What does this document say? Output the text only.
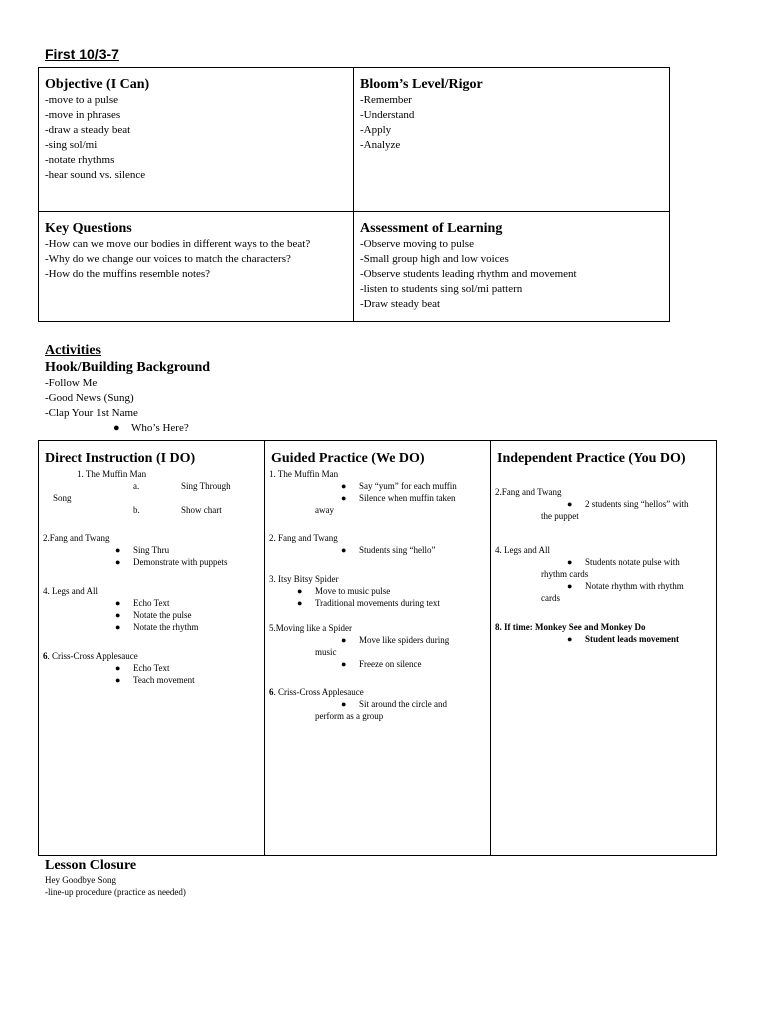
First 10/3-7
Objective (I Can)
-move to a pulse
-move in phrases
-draw a steady beat
-sing sol/mi
-notate rhythms
-hear sound vs. silence
Bloom’s Level/Rigor
-Remember
-Understand
-Apply
-Analyze
Key Questions
-How can we move our bodies in different ways to the beat?
-Why do we change our voices to match the characters?
-How do the muffins resemble notes?
Assessment of Learning
-Observe moving to pulse
-Small group high and low voices
-Observe students leading rhythm and movement
-listen to students sing sol/mi pattern
-Draw steady beat
Activities
Hook/Building Background
-Follow Me
-Good News (Sung)
-Clap Your 1st Name
● Who’s Here?
Direct Instruction (I DO)
1. The Muffin Man
a.	Sing Through
Song
b.	Show chart
2.Fang and Twang
● Sing Thru
● Demonstrate with puppets
4. Legs and All
● Echo Text
● Notate the pulse
● Notate the rhythm
6. Criss-Cross Applesauce
● Echo Text
● Teach movement
Guided Practice (We DO)
1. The Muffin Man
● Say “yum” for each muffin
● Silence when muffin taken
away
2. Fang and Twang
● Students sing “hello”
3. Itsy Bitsy Spider
● Move to music pulse
● Traditional movements during text
5.Moving like a Spider
● Move like spiders during
music
● Freeze on silence
6. Criss-Cross Applesauce
● Sit around the circle and
perform as a group
Independent Practice (You DO)
2.Fang and Twang
● 2 students sing “hellos” with
the puppet
4. Legs and All
● Students notate pulse with
rhythm cards
● Notate rhythm with rhythm
cards
8. If time: Monkey See and Monkey Do
● Student leads movement
Lesson Closure
Hey Goodbye Song
-line-up procedure (practice as needed)
